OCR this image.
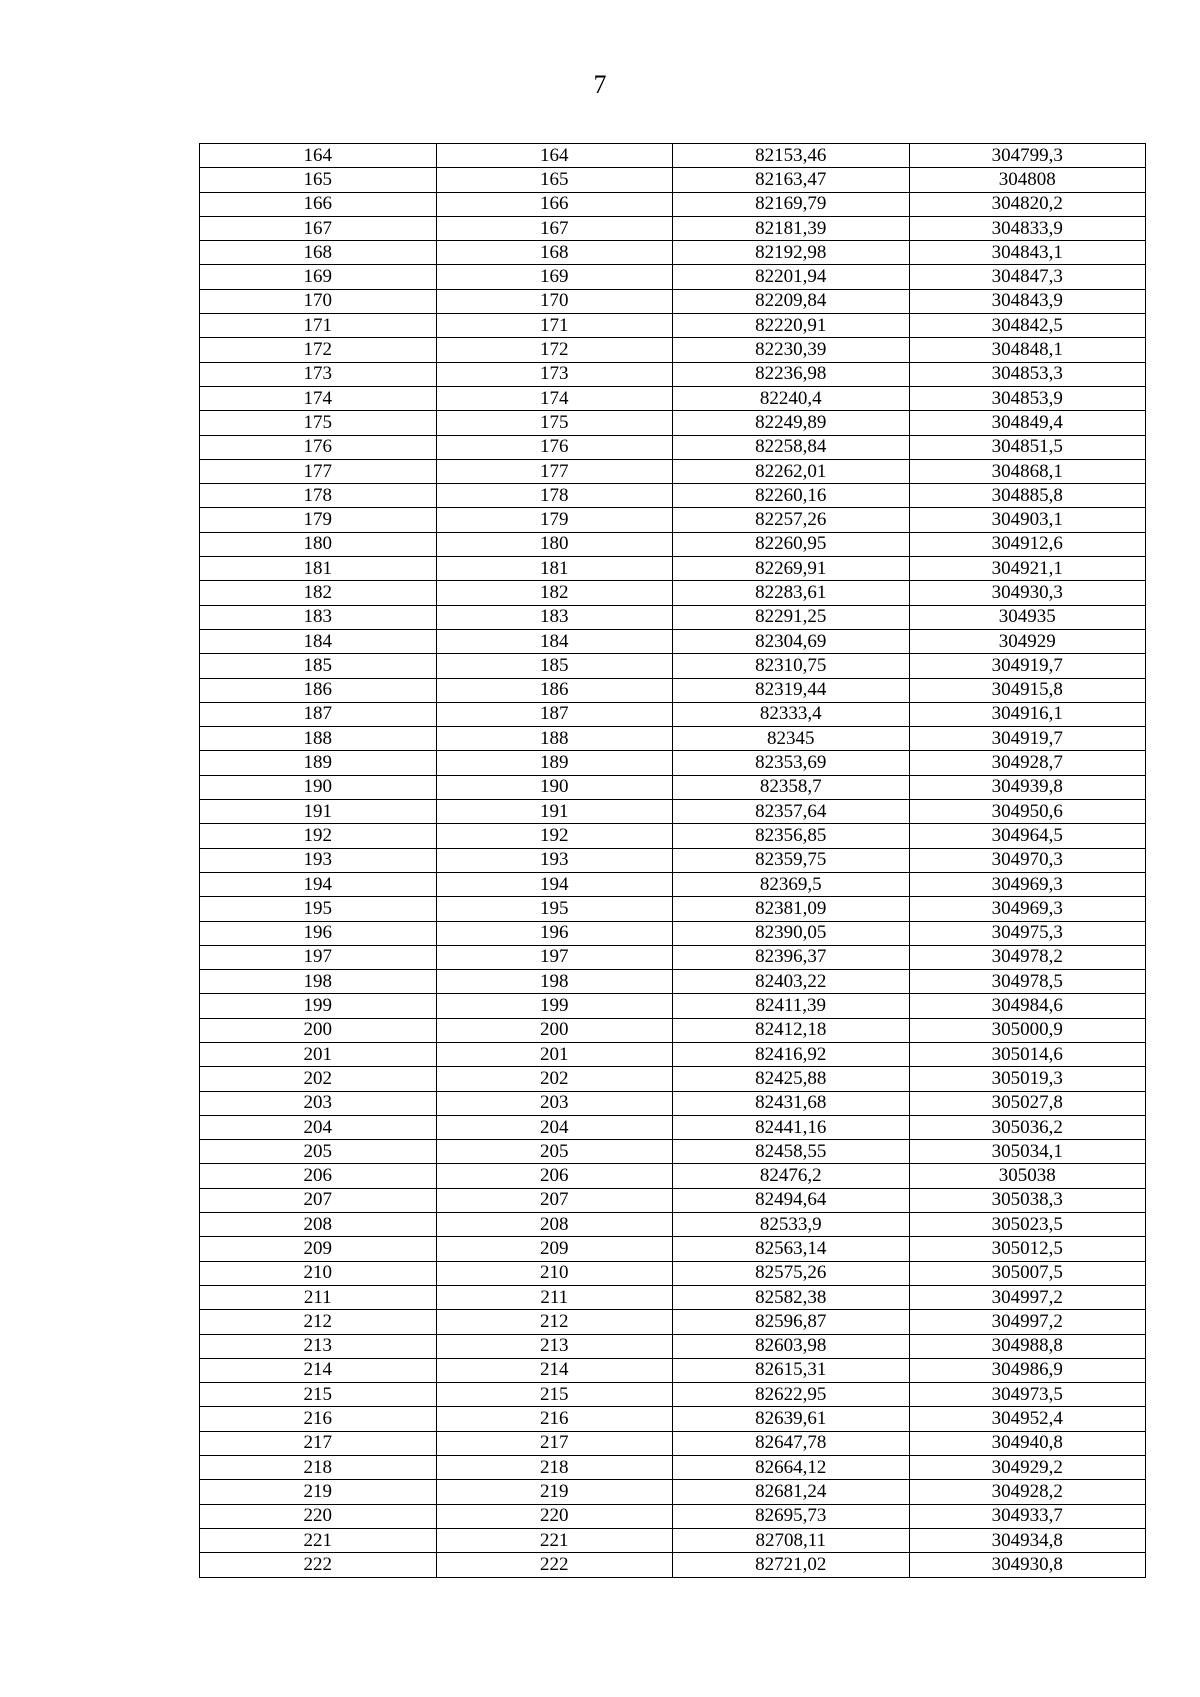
7
164	164	82153,46	304799,3
165	165	82163,47	304808
166	166	82169,79	304820,2
167	167	82181,39	304833,9
168	168	82192,98	304843,1
169	169	82201,94	304847,3
170	170	82209,84	304843,9
171	171	82220,91	304842,5
172	172	82230,39	304848,1
173	173	82236,98	304853,3
174	174	82240,4	304853,9
175	175	82249,89	304849,4
176	176	82258,84	304851,5
177	177	82262,01	304868,1
178	178	82260,16	304885,8
179	179	82257,26	304903,1
180	180	82260,95	304912,6
181	181	82269,91	304921,1
182	182	82283,61	304930,3
183	183	82291,25	304935
184	184	82304,69	304929
185	185	82310,75	304919,7
186	186	82319,44	304915,8
187	187	82333,4	304916,1
188	188	82345	304919,7
189	189	82353,69	304928,7
190	190	82358,7	304939,8
191	191	82357,64	304950,6
192	192	82356,85	304964,5
193	193	82359,75	304970,3
194	194	82369,5	304969,3
195	195	82381,09	304969,3
196	196	82390,05	304975,3
197	197	82396,37	304978,2
198	198	82403,22	304978,5
199	199	82411,39	304984,6
200	200	82412,18	305000,9
201	201	82416,92	305014,6
202	202	82425,88	305019,3
203	203	82431,68	305027,8
204	204	82441,16	305036,2
205	205	82458,55	305034,1
206	206	82476,2	305038
207	207	82494,64	305038,3
208	208	82533,9	305023,5
209	209	82563,14	305012,5
210	210	82575,26	305007,5
211	211	82582,38	304997,2
212	212	82596,87	304997,2
213	213	82603,98	304988,8
214	214	82615,31	304986,9
215	215	82622,95	304973,5
216	216	82639,61	304952,4
217	217	82647,78	304940,8
218	218	82664,12	304929,2
219	219	82681,24	304928,2
220	220	82695,73	304933,7
221	221	82708,11	304934,8
222	222	82721,02	304930,8
